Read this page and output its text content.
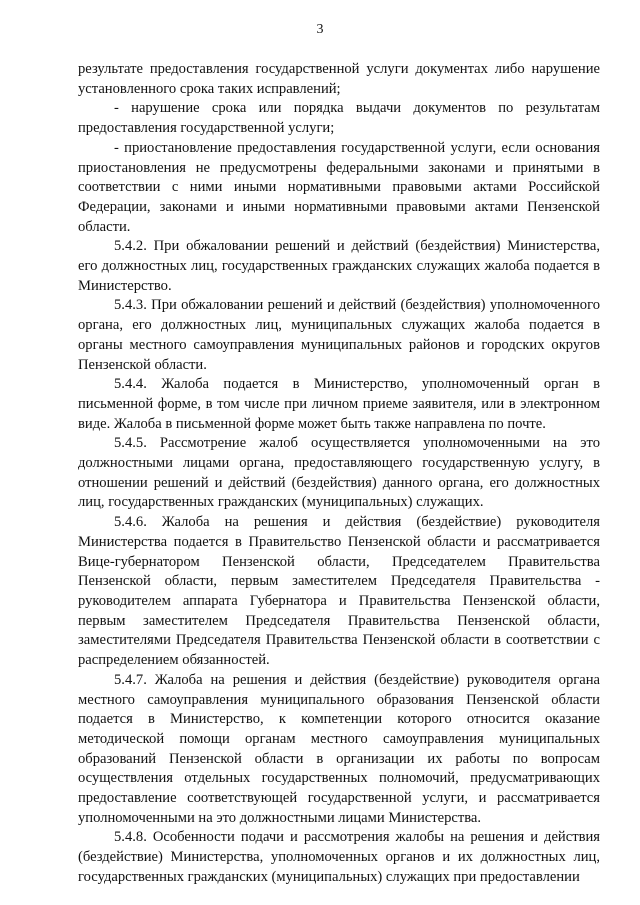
3

результате предоставления государственной услуги документах либо нарушение установленного срока таких исправлений;

- нарушение срока или порядка выдачи документов по результатам предоставления государственной услуги;

- приостановление предоставления государственной услуги, если основания приостановления не предусмотрены федеральными законами и принятыми в соответствии с ними иными нормативными правовыми актами Российской Федерации, законами и иными нормативными правовыми актами Пензенской области.

5.4.2. При обжаловании решений и действий (бездействия) Министерства, его должностных лиц, государственных гражданских служащих жалоба подается в Министерство.

5.4.3. При обжаловании решений и действий (бездействия) уполномоченного органа, его должностных лиц, муниципальных служащих жалоба подается в органы местного самоуправления муниципальных районов и городских округов Пензенской области.

5.4.4. Жалоба подается в Министерство, уполномоченный орган в письменной форме, в том числе при личном приеме заявителя, или в электронном виде. Жалоба в письменной форме может быть также направлена по почте.

5.4.5. Рассмотрение жалоб осуществляется уполномоченными на это должностными лицами органа, предоставляющего государственную услугу, в отношении решений и действий (бездействия) данного органа, его должностных лиц, государственных гражданских (муниципальных) служащих.

5.4.6. Жалоба на решения и действия (бездействие) руководителя Министерства подается в Правительство Пензенской области и рассматривается Вице-губернатором Пензенской области, Председателем Правительства Пензенской области, первым заместителем Председателя Правительства - руководителем аппарата Губернатора и Правительства Пензенской области, первым заместителем Председателя Правительства Пензенской области, заместителями Председателя Правительства Пензенской области в соответствии с распределением обязанностей.

5.4.7. Жалоба на решения и действия (бездействие) руководителя органа местного самоуправления муниципального образования Пензенской области подается в Министерство, к компетенции которого относится оказание методической помощи органам местного самоуправления муниципальных образований Пензенской области в организации их работы по вопросам осуществления отдельных государственных полномочий, предусматривающих предоставление соответствующей государственной услуги, и рассматривается уполномоченными на это должностными лицами Министерства.

5.4.8. Особенности подачи и рассмотрения жалобы на решения и действия (бездействие) Министерства, уполномоченных органов и их должностных лиц, государственных гражданских (муниципальных) служащих при предоставлении
